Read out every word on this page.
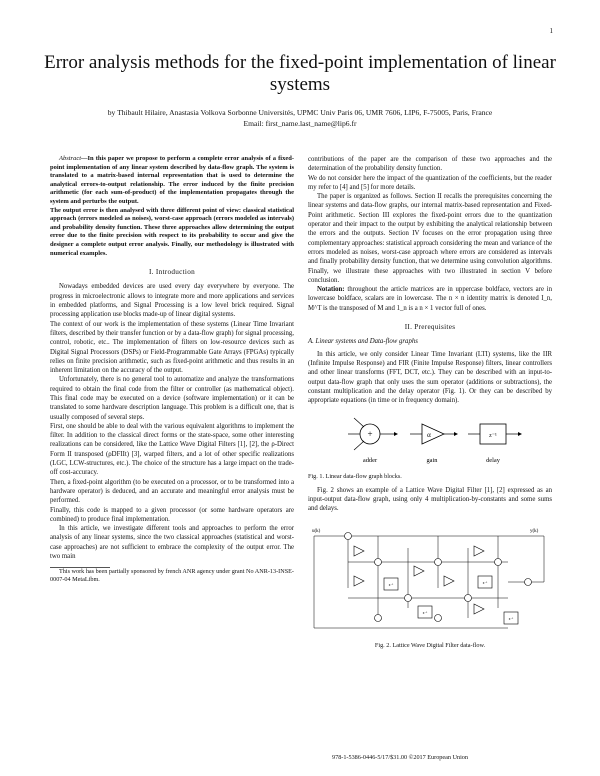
1
Error analysis methods for the fixed-point implementation of linear systems
by Thibault Hilaire, Anastasia Volkova Sorbonne Universités, UPMC Univ Paris 06, UMR 7606, LIP6, F-75005, Paris, France
Email: first_name.last_name@lip6.fr

Abstract—In this paper we propose to perform a complete error analysis of a fixed-point implementation of any linear system described by data-flow graph. The system is translated to a matrix-based internal representation that is used to determine the analytical errors-to-output relationship. The error induced by the finite precision arithmetic (for each sum-of-product) of the implementation propagates through the system and perturbs the output.

The output error is then analysed with three different point of view: classical statistical approach (errors modeled as noises), worst-case approach (errors modeled as intervals) and probability density function. These three approaches allow determining the output error due to the finite precision with respect to its probability to occur and give the designer a complete output error analysis. Finally, our methodology is illustrated with numerical examples.

I. Introduction

Nowadays embedded devices are used every day everywhere by everyone. The progress in microelectronic allows to integrate more and more applications and services in embedded platforms, and Signal Processing is a low level brick required. Signal processing application use blocks made-up of linear digital systems.

The context of our work is the implementation of these systems (Linear Time Invariant filters, described by their transfer function or by a data-flow graph) for signal processing, control, robotic, etc.. The implementation of filters on low-resource devices such as Digital Signal Processors (DSPs) or Field-Programmable Gate Arrays (FPGAs) typically relies on finite precision arithmetic, such as fixed-point arithmetic and thus results in an inherent limitation on the accuracy of the output.

Unfortunately, there is no general tool to automatize and analyze the transformations required to obtain the final code from the filter or controller (as mathematical object). This final code may be executed on a device (software implementation) or it can be translated to some hardware description language. This problem is a difficult one, that is usually composed of several steps.

First, one should be able to deal with the various equivalent algorithms to implement the filter. In addition to the classical direct forms or the state-space, some other interesting realizations can be considered, like the Lattice Wave Digital Filters [1], [2], the ρ-Direct Form II transposed (ρDFIIt) [3], warped filters, and a lot of other specific realizations (LGC, LCW-structures, etc.). The choice of the structure has a large impact on the trade-off cost-accuracy.

Then, a fixed-point algorithm (to be executed on a processor, or to be transformed into a hardware operator) is deduced, and an accurate and meaningful error analysis must be performed.

Finally, this code is mapped to a given processor (or some hardware operators are combined) to produce final implementation.

In this article, we investigate different tools and approaches to perform the error analysis of any linear systems, since the two classical approaches (statistical and worst-case approaches) are not sufficient to embrace the complexity of the output error. The two main

This work has been partially sponsored by french ANR agency under grant No ANR-13-INSE-0007-04 MetaLibm.

contributions of the paper are the comparison of these two approaches and the determination of the probability density function.

We do not consider here the impact of the quantization of the coefficients, but the reader my refer to [4] and [5] for more details.

The paper is organized as follows. Section II recalls the prerequisites concerning the linear systems and data-flow graphs, our internal matrix-based representation and Fixed-Point arithmetic. Section III explores the fixed-point errors due to the quantization operator and their impact to the output by exhibiting the analytical relationship between the errors and the outputs. Section IV focuses on the error propagation using three complementary approaches: statistical approach considering the mean and variance of the errors modeled as noises, worst-case approach where errors are considered as intervals and finally probability density function, that we determine using convolution algorithms. Finally, we illustrate these approaches with two illustrated in section V before conclusion.

Notation: throughout the article matrices are in uppercase boldface, vectors are in lowercase boldface, scalars are in lowercase. The n × n identity matrix is denoted I_n, M^T is the transposed of M and 1_n is a n × 1 vector full of ones.

II. Prerequisites
A. Linear systems and Data-flow graphs

In this article, we only consider Linear Time Invariant (LTI) systems, like the IIR (Infinite Impulse Response) and FIR (Finite Impulse Response) filters, linear controllers and other linear transforms (FFT, DCT, etc.). They can be described with an input-to-output data-flow graph that only uses the sum operator (additions or subtractions), the constant multiplication and the delay operator (Fig. 1). Or they can be described by appropriate equations (in time or in frequency domain).

+
adder
α
gain
z⁻¹
delay
Fig. 1. Linear data-flow graph blocks.

Fig. 2 shows an example of a Lattice Wave Digital Filter [1], [2] expressed as an input-output data-flow graph, using only 4 multiplication-by-constants and some sums and delays.

u(k)	y(k)
z⁻¹
z⁻¹
z⁻¹
z⁻¹
Fig. 2. Lattice Wave Digital Filter data-flow.
978-1-5386-0446-5/17/$31.00 ©2017 European Union
